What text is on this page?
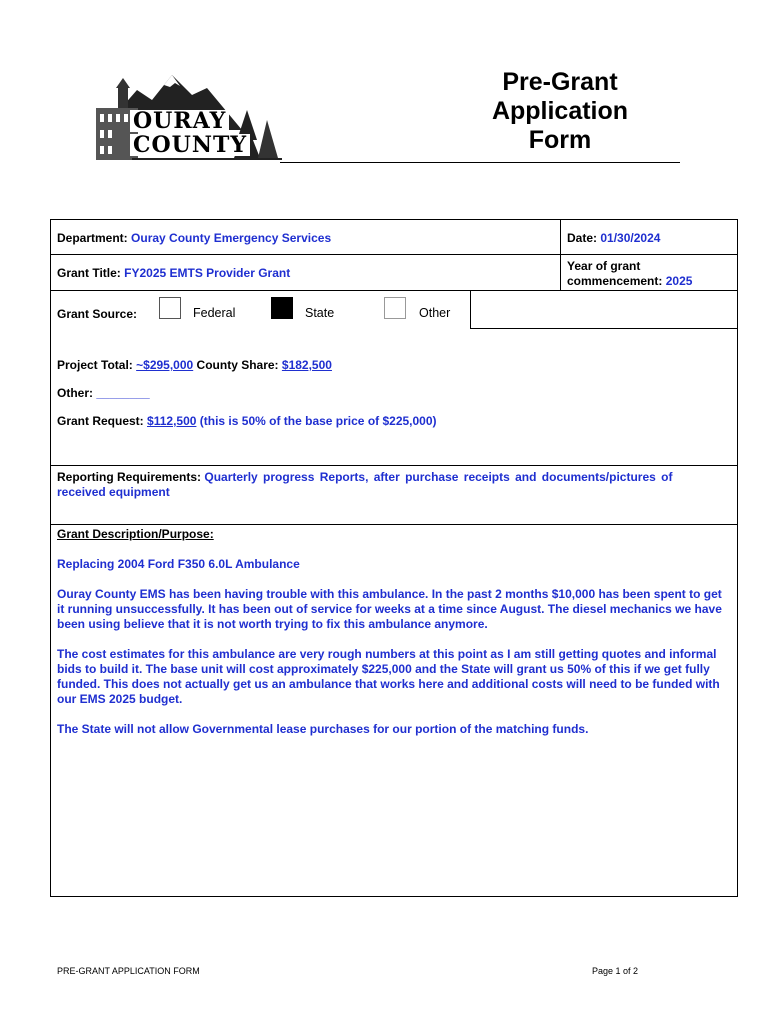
OURAY
COUNTY
Pre-Grant
Application
Form
Department: Ouray County Emergency Services	Date: 01/30/2024
Grant Title: FY2025 EMTS Provider Grant	Year of grant
commencement: 2025
Grant Source:	Federal	State	Other
Project Total: ~$295,000 County Share: $182,500
Other: ________
Grant Request: $112,500 (this is 50% of the base price of $225,000)
Reporting Requirements: Quarterly progress Reports, after purchase receipts and documents/pictures of
received equipment
Grant Description/Purpose:
Replacing 2004 Ford F350 6.0L Ambulance
Ouray County EMS has been having trouble with this ambulance. In the past 2 months $10,000 has been spent to get it running unsuccessfully. It has been out of service for weeks at a time since August. The diesel mechanics we have been using believe that it is not worth trying to fix this ambulance anymore.
The cost estimates for this ambulance are very rough numbers at this point as I am still getting quotes and informal bids to build it. The base unit will cost approximately $225,000 and the State will grant us 50% of this if we get fully funded. This does not actually get us an ambulance that works here and additional costs will need to be funded with our EMS 2025 budget.
The State will not allow Governmental lease purchases for our portion of the matching funds.
PRE-GRANT APPLICATION FORM	Page 1 of 2
